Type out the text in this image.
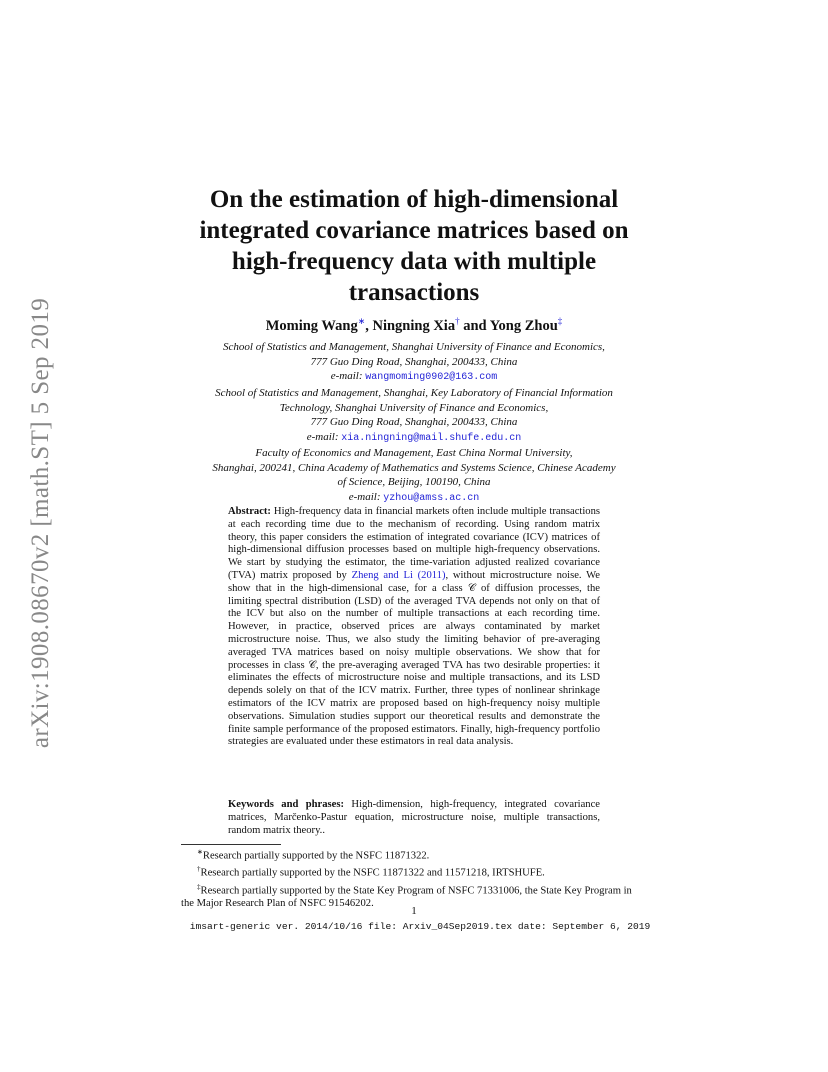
arXiv:1908.08670v2 [math.ST] 5 Sep 2019
On the estimation of high-dimensional
integrated covariance matrices based on
high-frequency data with multiple
transactions
Moming Wang∗, Ningning Xia† and Yong Zhou‡
School of Statistics and Management, Shanghai University of Finance and Economics,
777 Guo Ding Road, Shanghai, 200433, China
e-mail: wangmoming0902@163.com
School of Statistics and Management, Shanghai, Key Laboratory of Financial Information
Technology, Shanghai University of Finance and Economics,
777 Guo Ding Road, Shanghai, 200433, China
e-mail: xia.ningning@mail.shufe.edu.cn
Faculty of Economics and Management, East China Normal University,
Shanghai, 200241, China Academy of Mathematics and Systems Science, Chinese Academy
of Science, Beijing, 100190, China
e-mail: yzhou@amss.ac.cn
Abstract: High-frequency data in financial markets often include multiple transactions at each recording time due to the mechanism of recording. Using random matrix theory, this paper considers the estimation of integrated covariance (ICV) matrices of high-dimensional diffusion processes based on multiple high-frequency observations. We start by studying the estimator, the time-variation adjusted realized covariance (TVA) matrix proposed by Zheng and Li (2011), without microstructure noise. We show that in the high-dimensional case, for a class 𝒞 of diffusion processes, the limiting spectral distribution (LSD) of the averaged TVA depends not only on that of the ICV but also on the number of multiple transactions at each recording time. However, in practice, observed prices are always contaminated by market microstructure noise. Thus, we also study the limiting behavior of pre-averaging averaged TVA matrices based on noisy multiple observations. We show that for processes in class 𝒞, the pre-averaging averaged TVA has two desirable properties: it eliminates the effects of microstructure noise and multiple transactions, and its LSD depends solely on that of the ICV matrix. Further, three types of nonlinear shrinkage estimators of the ICV matrix are proposed based on high-frequency noisy multiple observations. Simulation studies support our theoretical results and demonstrate the finite sample performance of the proposed estimators. Finally, high-frequency portfolio strategies are evaluated under these estimators in real data analysis.
Keywords and phrases: High-dimension, high-frequency, integrated covariance matrices, Marčenko-Pastur equation, microstructure noise, multiple transactions, random matrix theory..
∗Research partially supported by the NSFC 11871322.
†Research partially supported by the NSFC 11871322 and 11571218, IRTSHUFE.
‡Research partially supported by the State Key Program of NSFC 71331006, the State Key Program in the Major Research Plan of NSFC 91546202.
1
imsart-generic ver. 2014/10/16 file: Arxiv_04Sep2019.tex date: September 6, 2019
